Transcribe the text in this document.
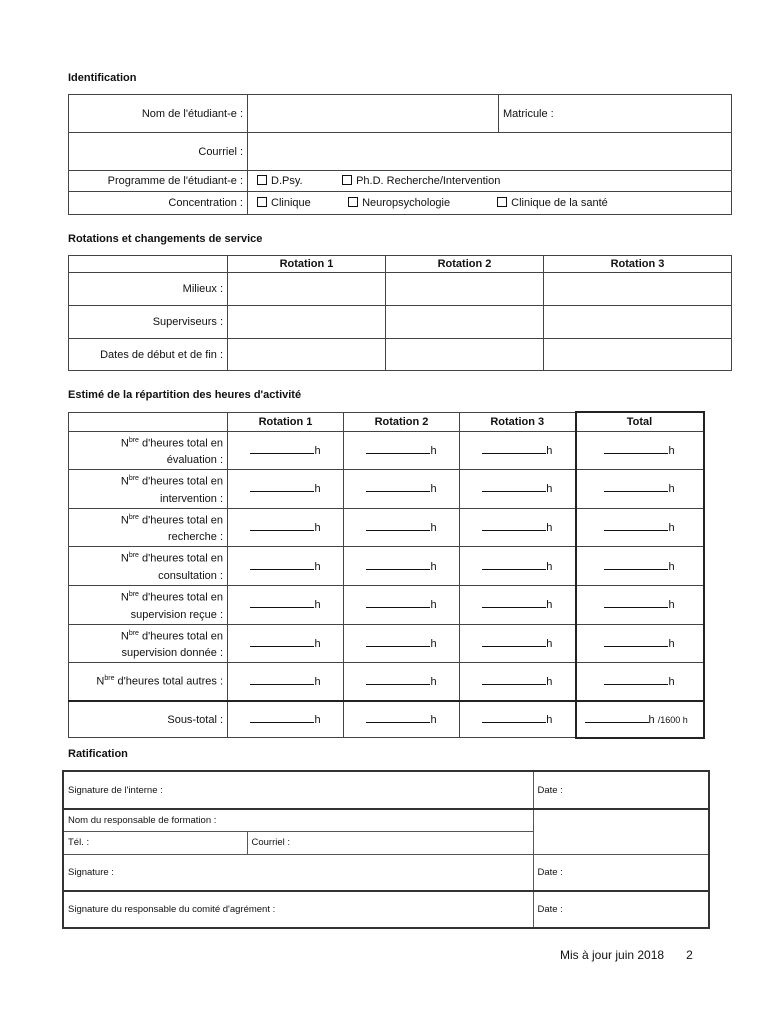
Identification
Nom de l'étudiant-e :		Matricule :
Courriel :		
Programme de l'étudiant-e :	D.Psy. Ph.D. Recherche/Intervention	
Concentration :	Clinique Neuropsychologie Clinique de la santé	
Rotations et changements de service
	Rotation 1	Rotation 2	Rotation 3
Milieux :			
Superviseurs :			
Dates de début et de fin :			
Estimé de la répartition des heures d'activité
	Rotation 1	Rotation 2	Rotation 3	Total
$N^{bre}$ d'heures total en
évaluation :	h	h	h	h
$N^{bre}$ d'heures total en
intervention :	h	h	h	h
$N^{bre}$ d'heures total en
recherche :	h	h	h	h
$N^{bre}$ d'heures total en
consultation :	h	h	h	h
$N^{bre}$ d'heures total en
supervision reçue :	h	h	h	h
$N^{bre}$ d'heures total en
supervision donnée :	h	h	h	h
$N^{bre}$ d'heures total autres :	h	h	h	h
Sous-total :	h	h	h	h /1600 h
Ratification
Signature de l'interne :		Date :
Nom du responsable de formation :		
Tél. :	Courriel :	
Signature :		Date :
Signature du responsable du comité d'agrément :		Date :
Mis à jour juin 2018 2
